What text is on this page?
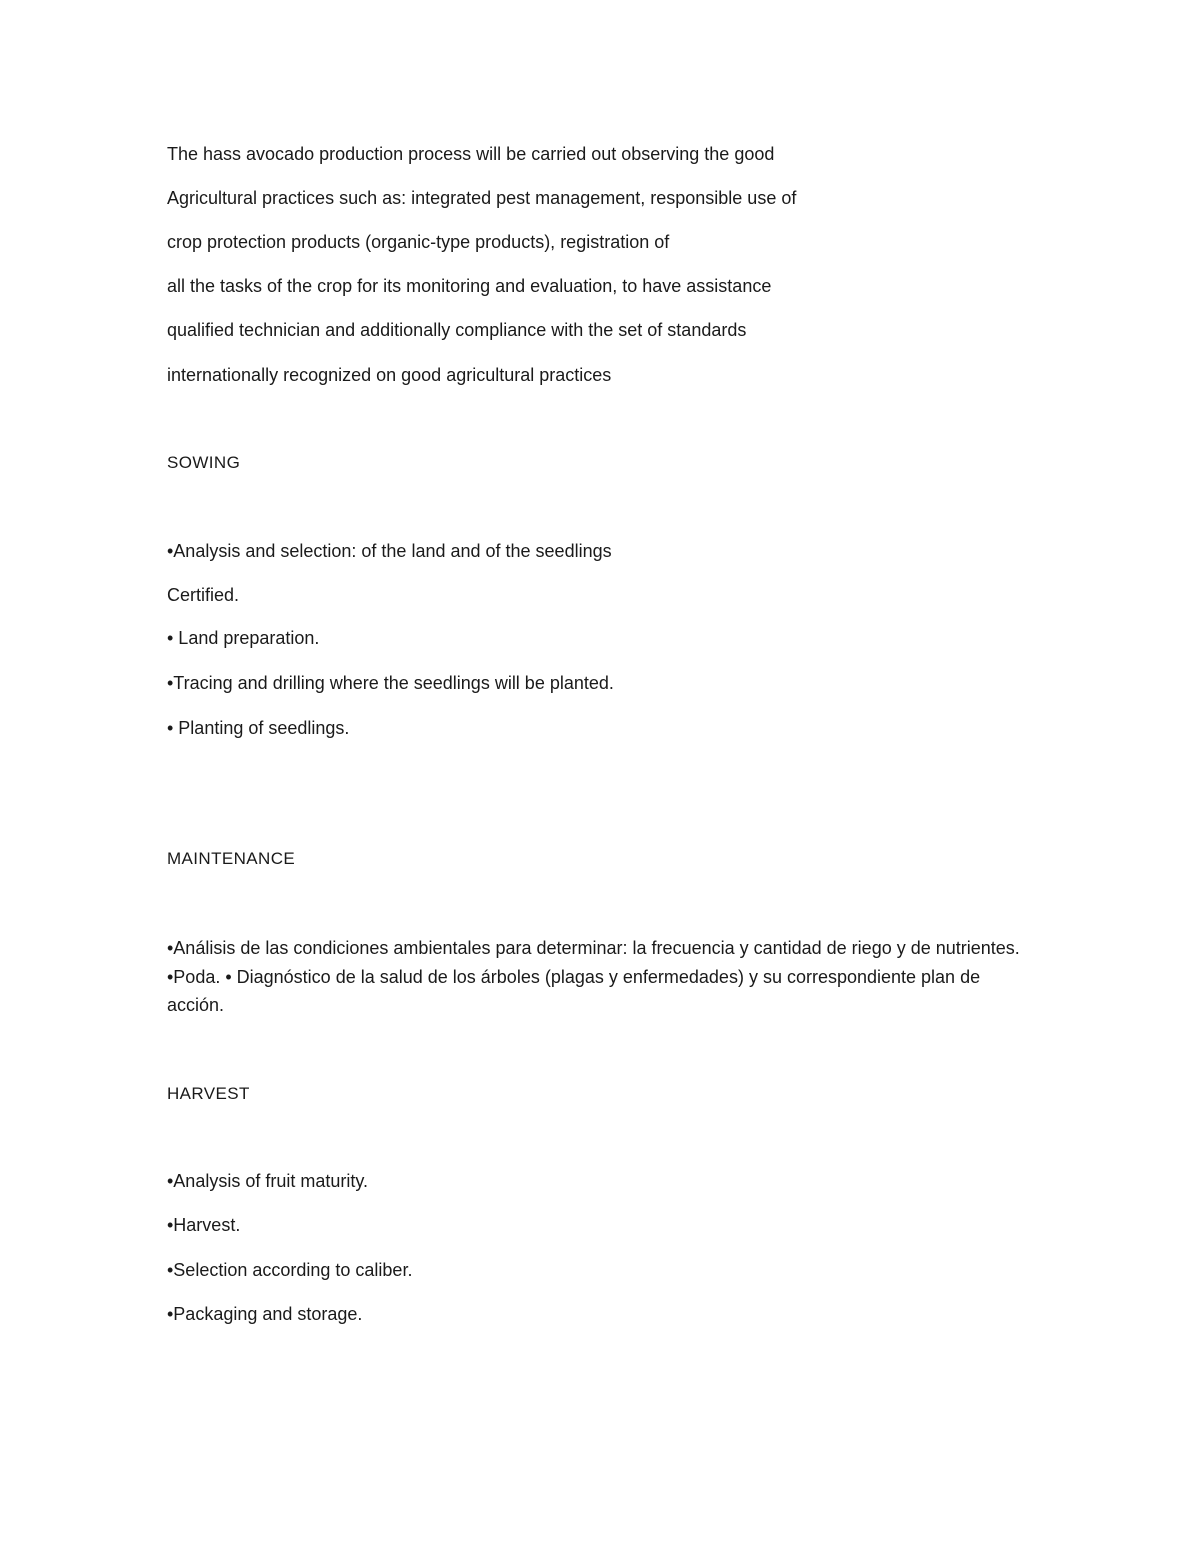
The hass avocado production process will be carried out observing the good
Agricultural practices such as: integrated pest management, responsible use of
crop protection products (organic-type products), registration of
all the tasks of the crop for its monitoring and evaluation, to have assistance
qualified technician and additionally compliance with the set of standards
internationally recognized on good agricultural practices
SOWING
•Analysis and selection: of the land and of the seedlings
Certified.
• Land preparation.
•Tracing and drilling where the seedlings will be planted.
• Planting of seedlings.
MAINTENANCE
•Análisis de las condiciones ambientales para determinar: la frecuencia y cantidad de riego y de nutrientes. •Poda. • Diagnóstico de la salud de los árboles (plagas y enfermedades) y su correspondiente plan de acción.
HARVEST
•Analysis of fruit maturity.
•Harvest.
•Selection according to caliber.
•Packaging and storage.
